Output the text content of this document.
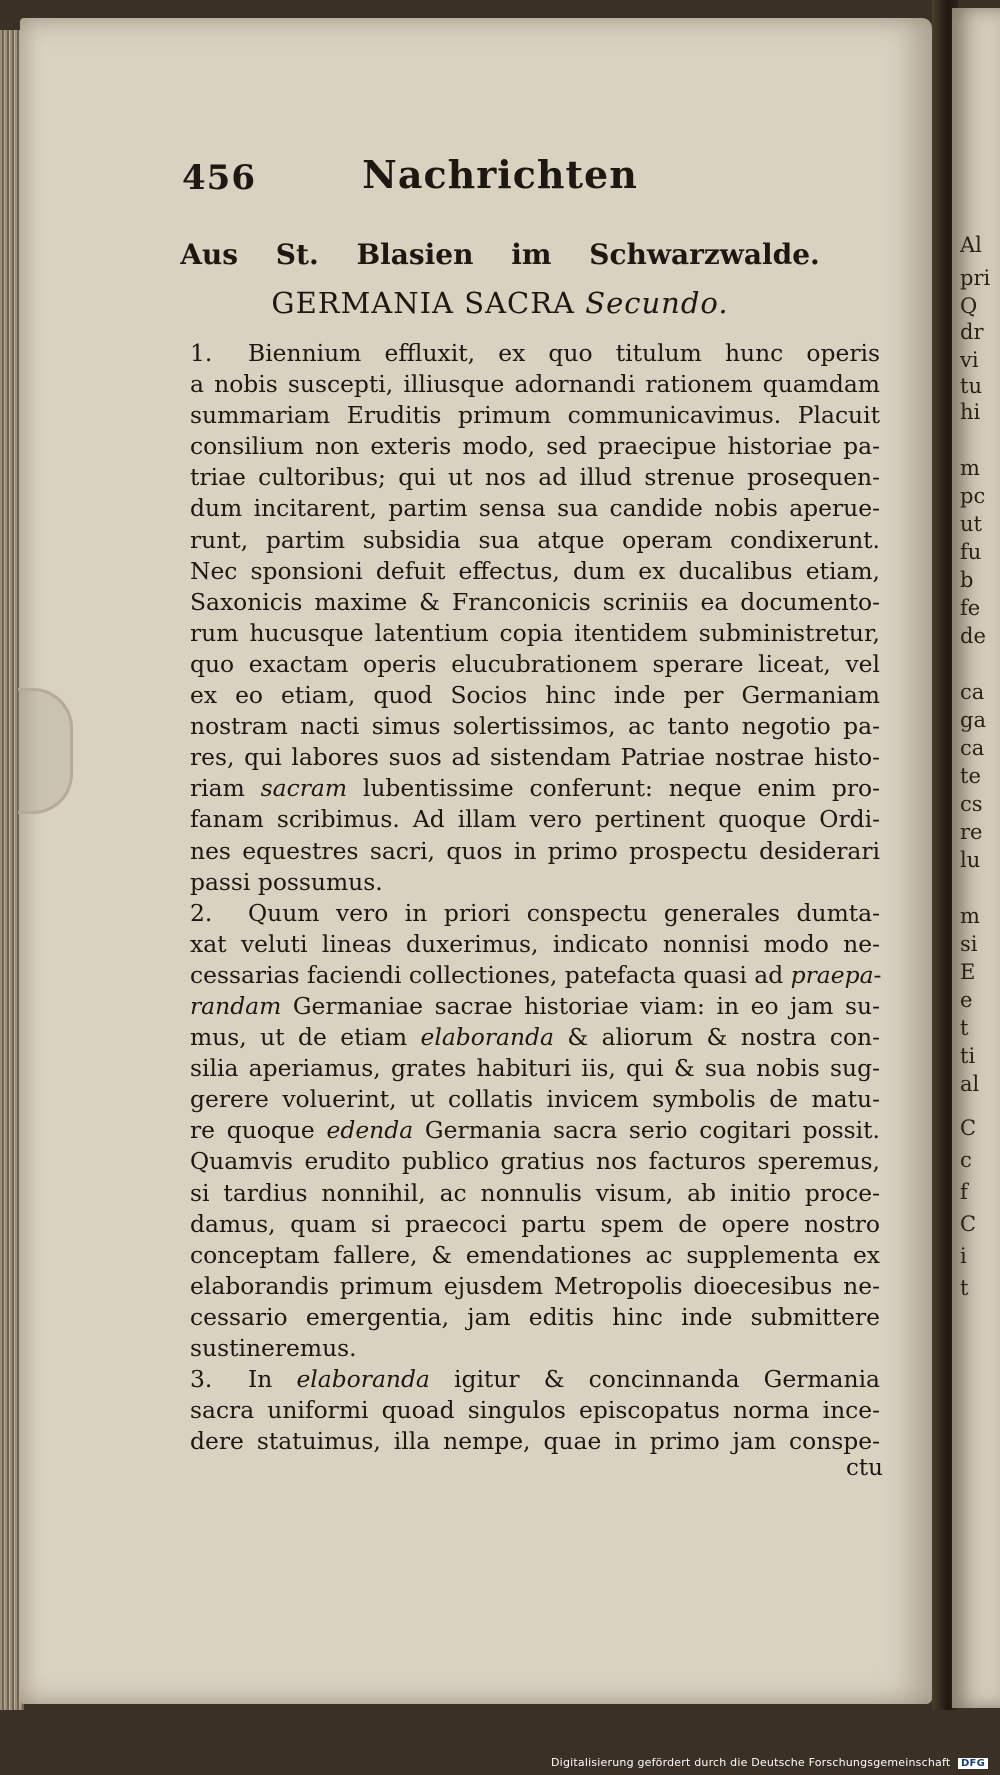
Al
pri
Q
dr
vi
tu
hi
m
pc
ut
fu
b
fe
de
ca
ga
ca
te
cs
re
lu
m
si
E
e
t
ti
al
C
c
f
C
i
t
456	Nachrichten
Aus St. Blasien im Schwarzwalde.
GERMANIA SACRA Secundo.
1. Biennium effluxit, ex quo titulum hunc operis
a nobis suscepti, illiusque adornandi rationem quamdam
summariam Eruditis primum communicavimus. Placuit
consilium non exteris modo, sed praecipue historiae pa-
triae cultoribus; qui ut nos ad illud strenue prosequen-
dum incitarent, partim sensa sua candide nobis aperue-
runt, partim subsidia sua atque operam condixerunt.
Nec sponsioni defuit effectus, dum ex ducalibus etiam,
Saxonicis maxime & Franconicis scriniis ea documento-
rum hucusque latentium copia itentidem subministretur,
quo exactam operis elucubrationem sperare liceat, vel
ex eo etiam, quod Socios hinc inde per Germaniam
nostram nacti simus solertissimos, ac tanto negotio pa-
res, qui labores suos ad sistendam Patriae nostrae histo-
riam sacram lubentissime conferunt: neque enim pro-
fanam scribimus. Ad illam vero pertinent quoque Ordi-
nes equestres sacri, quos in primo prospectu desiderari
passi possumus.
2. Quum vero in priori conspectu generales dumta-
xat veluti lineas duxerimus, indicato nonnisi modo ne-
cessarias faciendi collectiones, patefacta quasi ad praepa-
randam Germaniae sacrae historiae viam: in eo jam su-
mus, ut de etiam elaboranda & aliorum & nostra con-
silia aperiamus, grates habituri iis, qui & sua nobis sug-
gerere voluerint, ut collatis invicem symbolis de matu-
re quoque edenda Germania sacra serio cogitari possit.
Quamvis erudito publico gratius nos facturos speremus,
si tardius nonnihil, ac nonnulis visum, ab initio proce-
damus, quam si praecoci partu spem de opere nostro
conceptam fallere, & emendationes ac supplementa ex
elaborandis primum ejusdem Metropolis dioecesibus ne-
cessario emergentia, jam editis hinc inde submittere
sustineremus.
3. In elaboranda igitur & concinnanda Germania
sacra uniformi quoad singulos episcopatus norma ince-
dere statuimus, illa nempe, quae in primo jam conspe-
ctu
Digitalisierung gefördert durch die Deutsche Forschungsgemeinschaft DFG
